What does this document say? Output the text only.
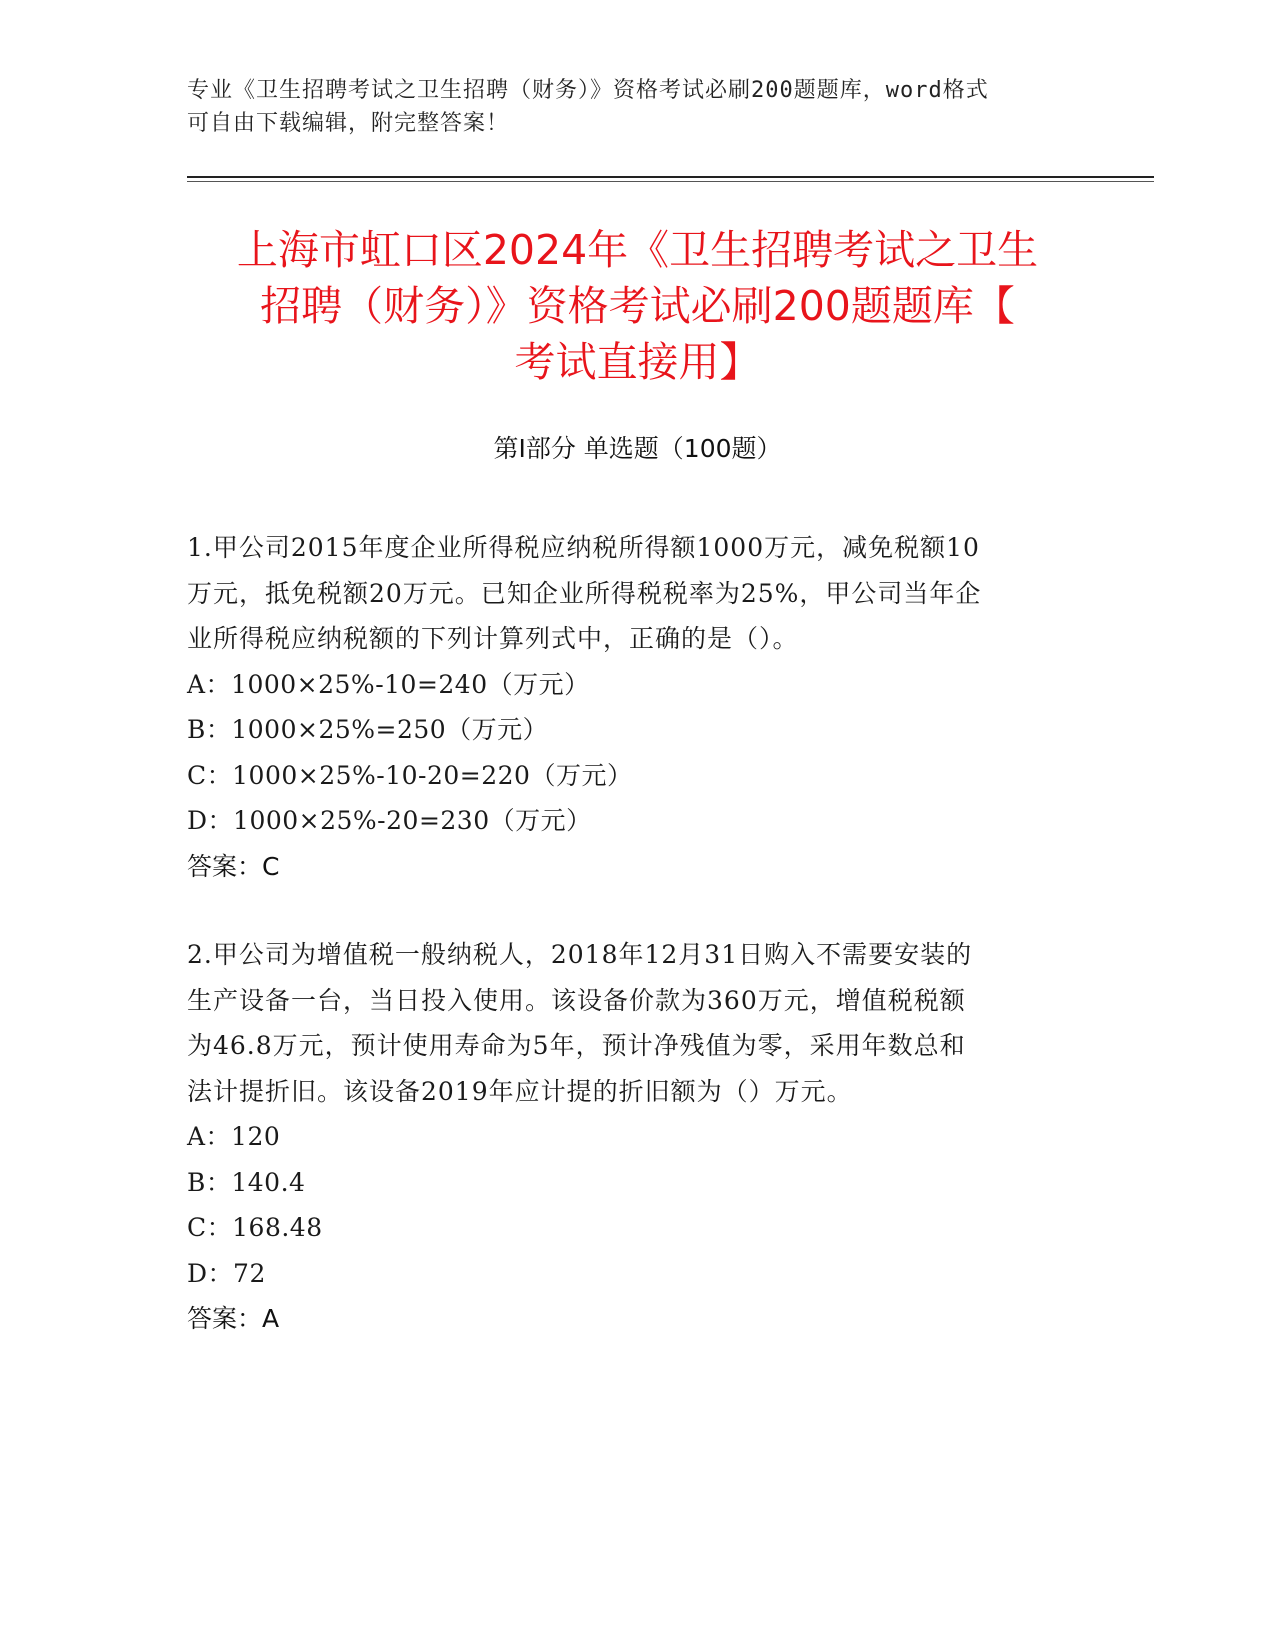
专业《卫生招聘考试之卫生招聘（财务）》资格考试必刷200题题库，word格式
可自由下载编辑，附完整答案！
上海市虹口区2024年《卫生招聘考试之卫生
招聘（财务）》资格考试必刷200题题库【
考试直接用】
第Ⅰ部分 单选题（100题）
1.甲公司2015年度企业所得税应纳税所得额1000万元，减免税额10
万元，抵免税额20万元。已知企业所得税税率为25%，甲公司当年企
业所得税应纳税额的下列计算列式中，正确的是（）。
A：1000×25%-10=240（万元）
B：1000×25%=250（万元）
C：1000×25%-10-20=220（万元）
D：1000×25%-20=230（万元）
答案：C
2.甲公司为增值税一般纳税人，2018年12月31日购入不需要安装的
生产设备一台，当日投入使用。该设备价款为360万元，增值税税额
为46.8万元，预计使用寿命为5年，预计净残值为零，采用年数总和
法计提折旧。该设备2019年应计提的折旧额为（）万元。
A：120
B：140.4
C：168.48
D：72
答案：A
